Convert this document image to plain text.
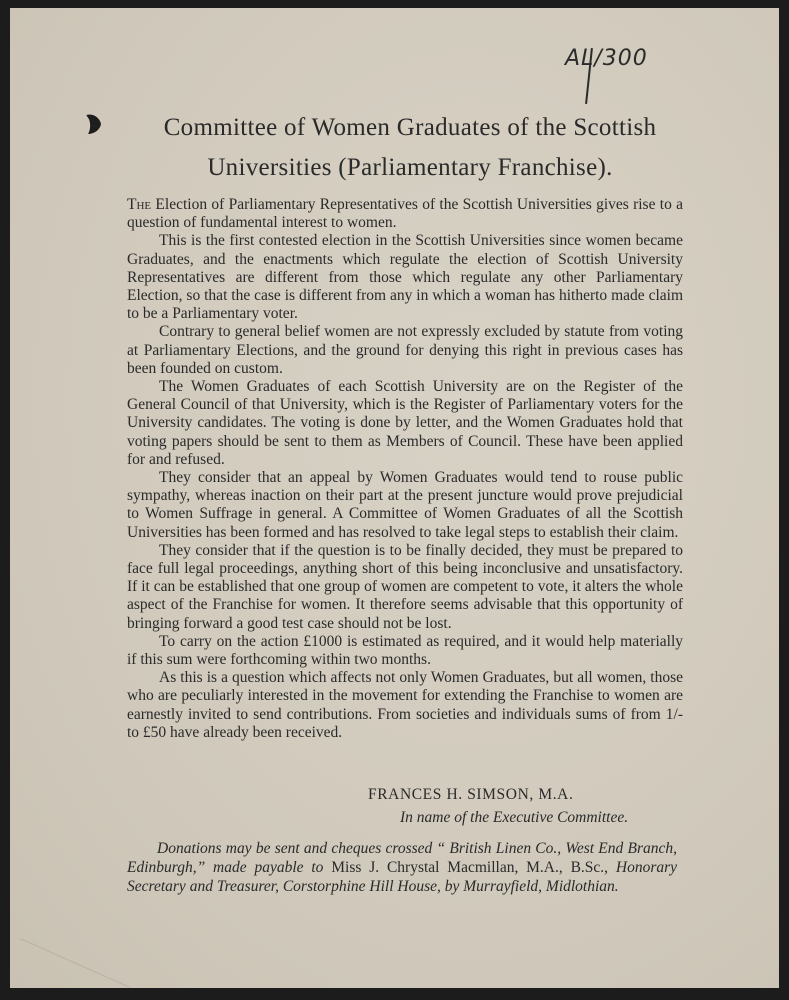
AL/300
Committee of Women Graduates of the Scottish
Universities (Parliamentary Franchise).

The Election of Parliamentary Representatives of the Scottish Universities gives rise to a question of fundamental interest to women.

This is the first contested election in the Scottish Universities since women became Graduates, and the enactments which regulate the election of Scottish University Representatives are different from those which regulate any other Parliamentary Election, so that the case is different from any in which a woman has hitherto made claim to be a Parliamentary voter.

Contrary to general belief women are not expressly excluded by statute from voting at Parliamentary Elections, and the ground for denying this right in previous cases has been founded on custom.

The Women Graduates of each Scottish University are on the Register of the General Council of that University, which is the Register of Parliamentary voters for the University candidates. The voting is done by letter, and the Women Graduates hold that voting papers should be sent to them as Members of Council. These have been applied for and refused.

They consider that an appeal by Women Graduates would tend to rouse public sympathy, whereas inaction on their part at the present juncture would prove prejudicial to Women Suffrage in general. A Committee of Women Graduates of all the Scottish Universities has been formed and has resolved to take legal steps to establish their claim.

They consider that if the question is to be finally decided, they must be prepared to face full legal proceedings, anything short of this being inconclusive and unsatisfactory. If it can be established that one group of women are competent to vote, it alters the whole aspect of the Franchise for women. It therefore seems advisable that this opportunity of bringing forward a good test case should not be lost.

To carry on the action £1000 is estimated as required, and it would help materially if this sum were forthcoming within two months.

As this is a question which affects not only Women Graduates, but all women, those who are peculiarly interested in the movement for extending the Franchise to women are earnestly invited to send contributions. From societies and individuals sums of from 1/- to £50 have already been received.

FRANCES H. SIMSON, M.A.
In name of the Executive Committee.
Donations may be sent and cheques crossed “ British Linen Co., West End Branch, Edinburgh,” made payable to Miss J. Chrystal Macmillan, M.A., B.Sc., Honorary Secretary and Treasurer, Corstorphine Hill House, by Murrayfield, Midlothian.
